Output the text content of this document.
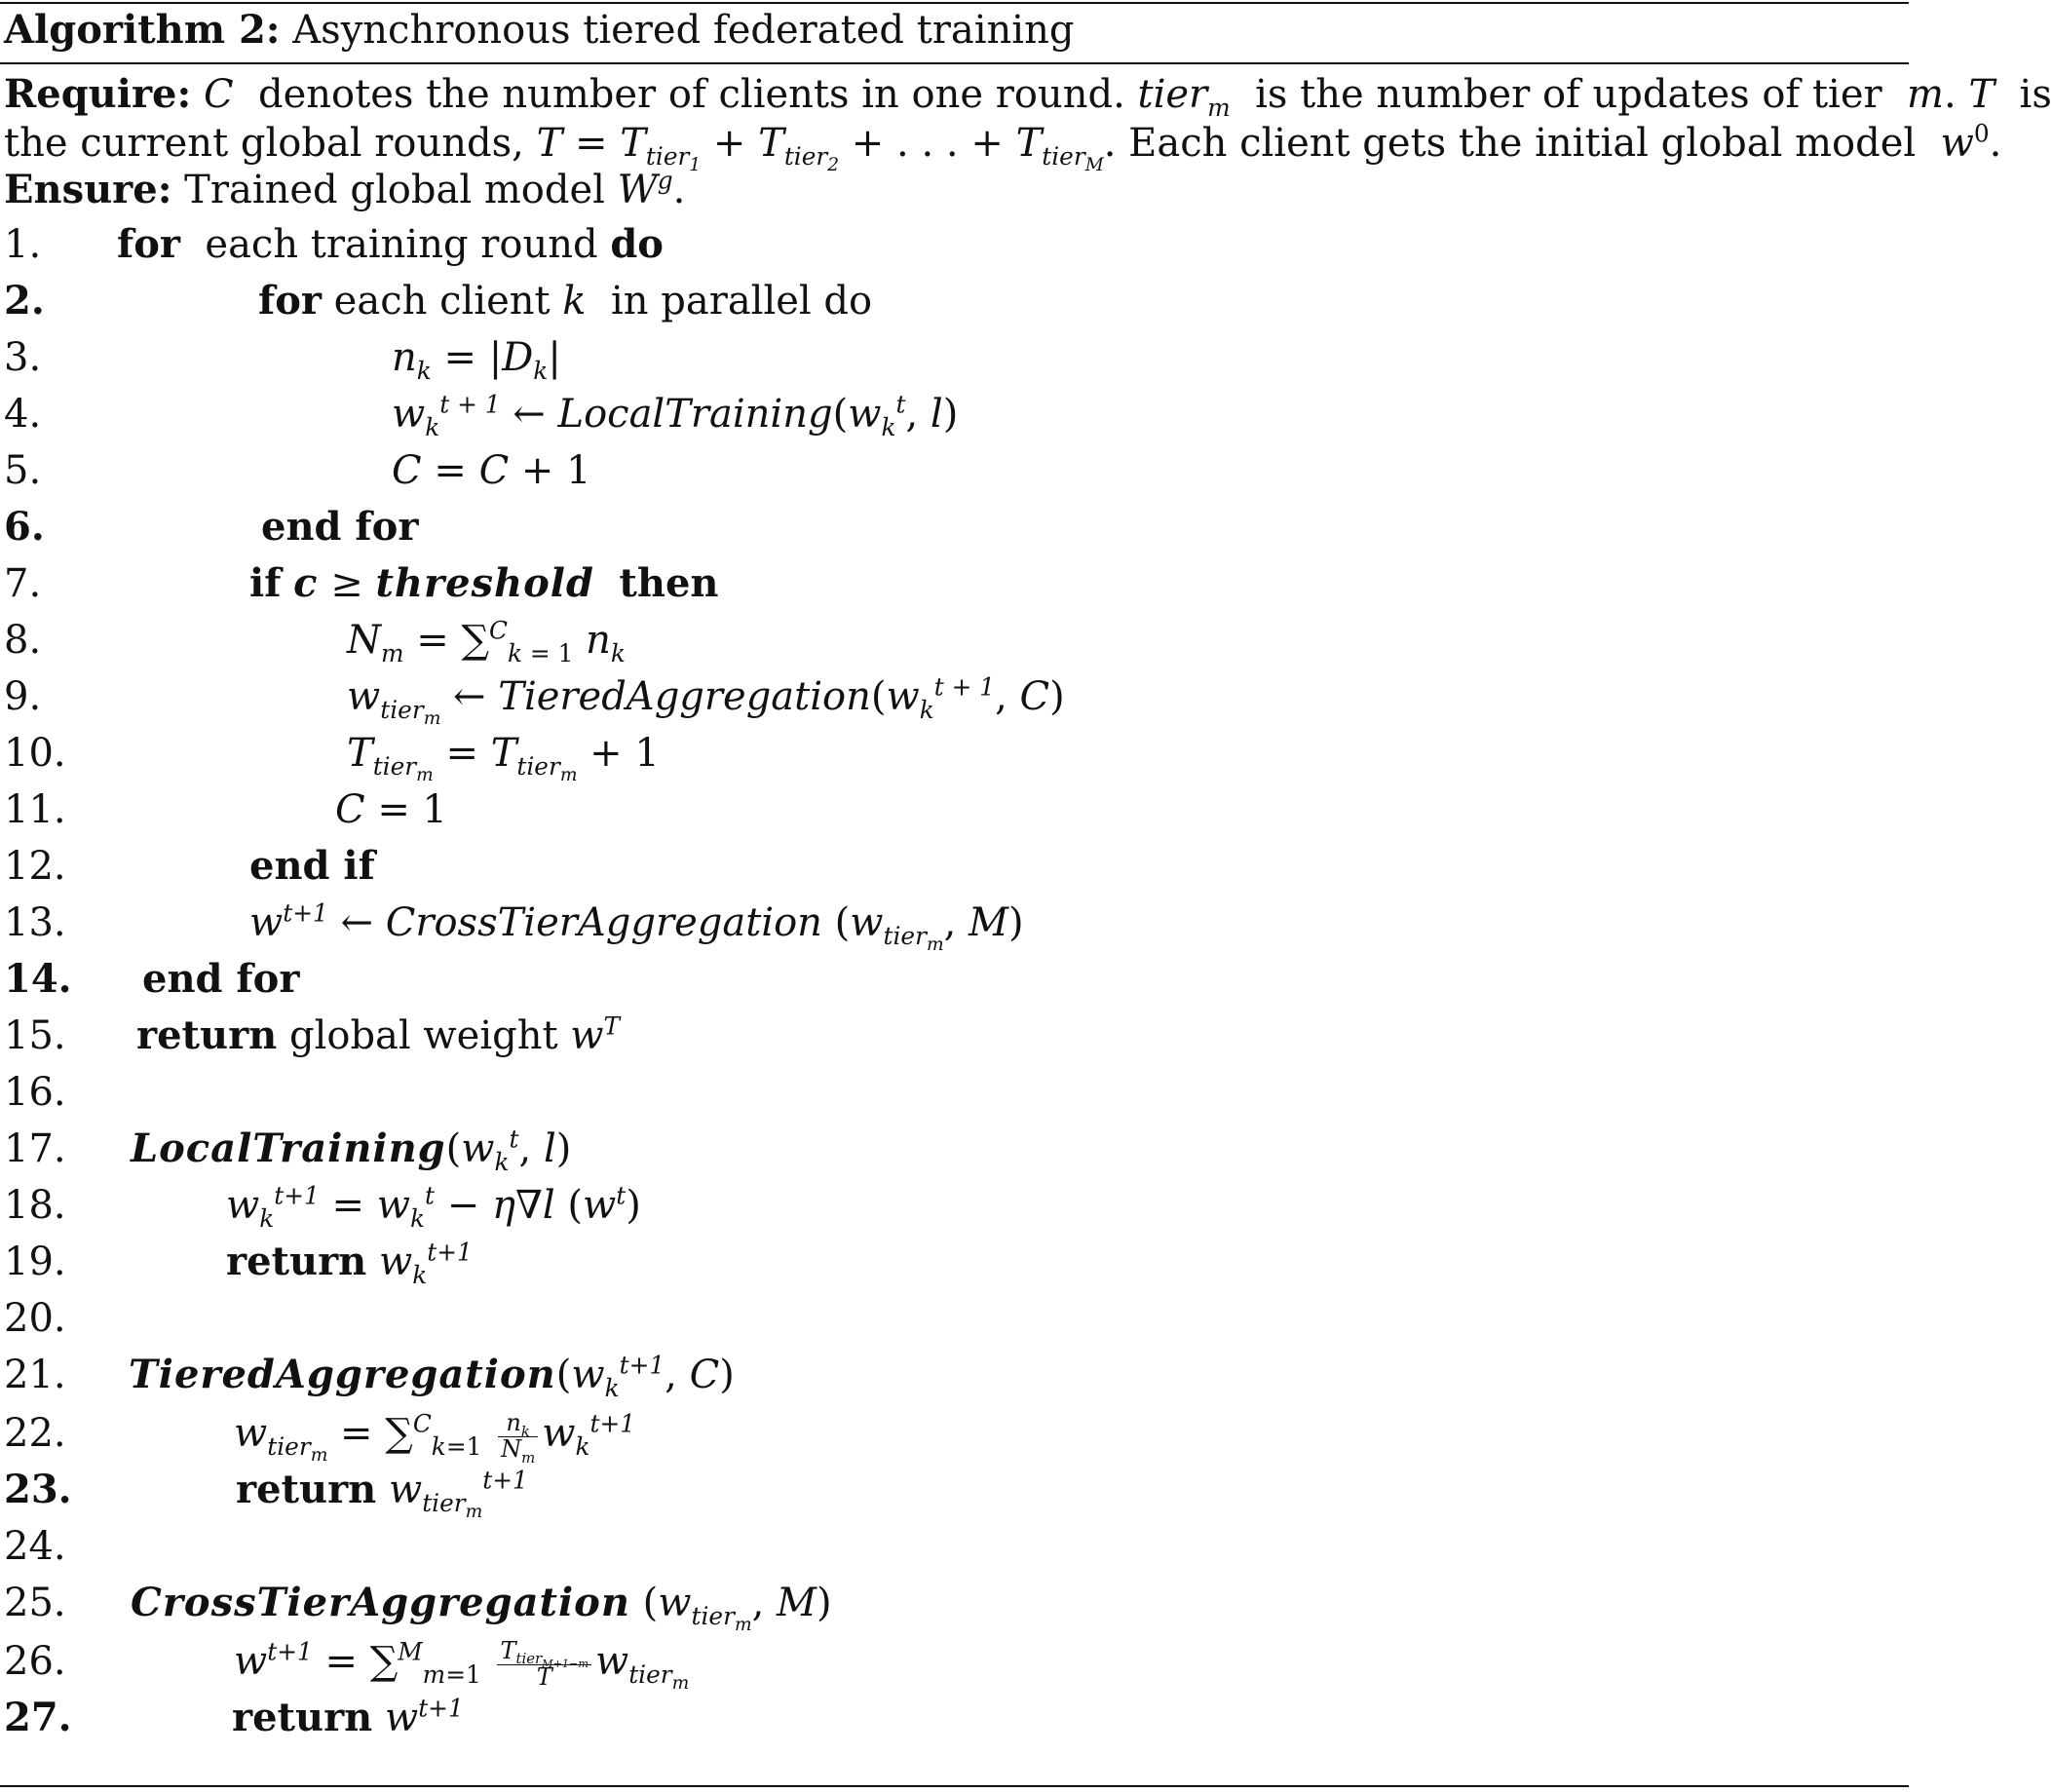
Algorithm 2: Asynchronous tiered federated training
Require: C  denotes the number of clients in one round. tier$_m$  is the number of updates of tier  m. T  is
the current global rounds, $T = T_{tier_1} + T_{tier_2}$ + . . . + $T_{tier_M}$. Each client gets the initial global model  $w^0$.
Ensure: Trained global model $W^g$.
1. for  each training round do
2.	for each client k  in parallel do
3.	$n_k = |D_k|$
4.	$w_k^{t + 1}$ ← $LocalTraining(w_k^t$, l)
5.	C = C + 1
6.	end for
7.	if c ≥ threshold then
8.	$N_m = \sum^C_{k = 1}$ $n_k$
9.	$w_{tier_m}$ ← $TieredAggregation(w_k^{t + 1}$, C)
10.	$T_{tier_m} = T_{tier_m} + 1$
11.	C = 1
12.	end if
13.	$w^{t+1}$ ← CrossTierAggregation ($w_{tier_m}$, M)
14. end for
15. return global weight $w^T$
16.
17. $LocalTraining(w_k^t$, l)
18.	$w_k^{t+1} = w_k^t - \eta\nabla l$ $(w^t)$
19.	return $w_k^{t+1}$
20.
21. $TieredAggregation(w_k^{t+1}$, C)
22.	$w_{tier_m} = \sum^C_{k=1} \frac{n_k}{N_m} w_k^{t+1}$
23.	return $w_{tier_m}^{t+1}$
24.
25. CrossTierAggregation ($w_{tier_m}$, M)
26.	$w^{t+1} = \sum^M_{m=1} \frac{T_{tier_{M+1-m}}}{T} w_{tier_m}$
27.	return $w^{t+1}$
